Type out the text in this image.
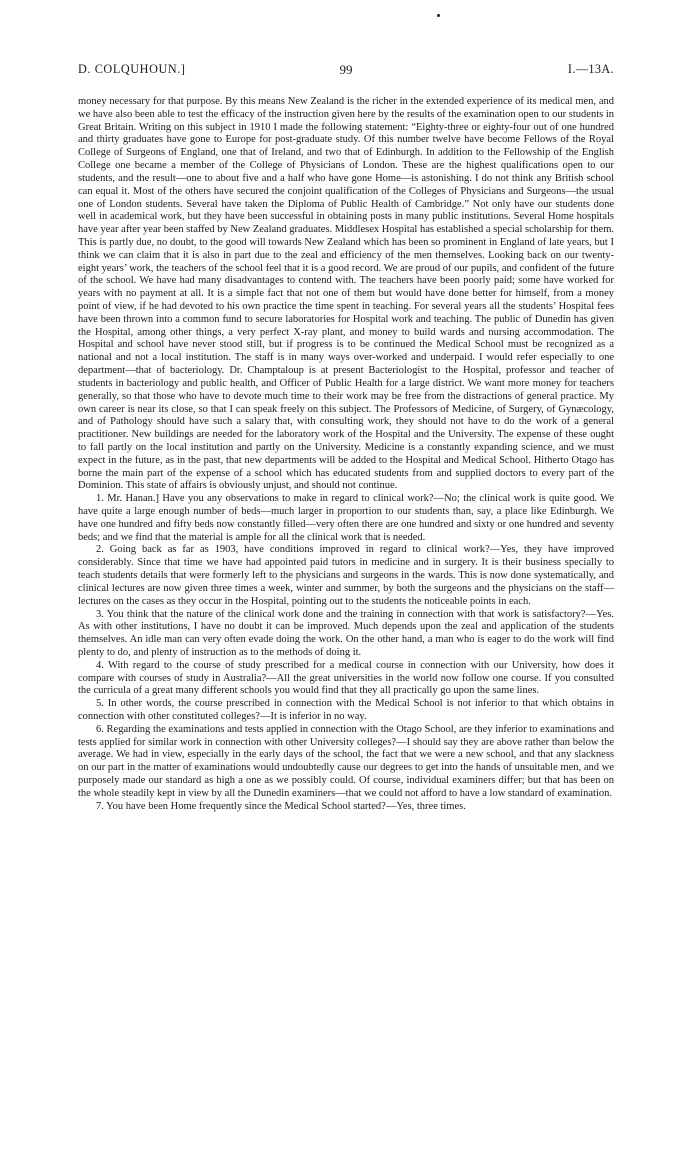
D. COLQUHOUN.]	99	I.—13A.

money necessary for that purpose. By this means New Zealand is the richer in the extended experience of its medical men, and we have also been able to test the efficacy of the instruction given here by the results of the examination open to our students in Great Britain. Writing on this subject in 1910 I made the following statement: “Eighty-three or eighty-four out of one hundred and thirty graduates have gone to Europe for post-graduate study. Of this number twelve have become Fellows of the Royal College of Surgeons of England, one that of Ireland, and two that of Edinburgh. In addition to the Fellowship of the English College one became a member of the College of Physicians of London. These are the highest qualifications open to our students, and the result—one to about five and a half who have gone Home—is astonishing. I do not think any British school can equal it. Most of the others have secured the conjoint qualification of the Colleges of Physicians and Surgeons—the usual one of London students. Several have taken the Diploma of Public Health of Cambridge.” Not only have our students done well in academical work, but they have been successful in obtaining posts in many public institutions. Several Home hospitals have year after year been staffed by New Zealand graduates. Middlesex Hospital has established a special scholarship for them. This is partly due, no doubt, to the good will towards New Zealand which has been so prominent in England of late years, but I think we can claim that it is also in part due to the zeal and efficiency of the men themselves. Looking back on our twenty-eight years’ work, the teachers of the school feel that it is a good record. We are proud of our pupils, and confident of the future of the school. We have had many disadvantages to contend with. The teachers have been poorly paid; some have worked for years with no payment at all. It is a simple fact that not one of them but would have done better for himself, from a money point of view, if he had devoted to his own practice the time spent in teaching. For several years all the students’ Hospital fees have been thrown into a common fund to secure laboratories for Hospital work and teaching. The public of Dunedin has given the Hospital, among other things, a very perfect X-ray plant, and money to build wards and nursing accommodation. The Hospital and school have never stood still, but if progress is to be continued the Medical School must be recognized as a national and not a local institution. The staff is in many ways over-worked and underpaid. I would refer especially to one department—that of bacteriology. Dr. Champtaloup is at present Bacteriologist to the Hospital, professor and teacher of students in bacteriology and public health, and Officer of Public Health for a large district. We want more money for teachers generally, so that those who have to devote much time to their work may be free from the distractions of general practice. My own career is near its close, so that I can speak freely on this subject. The Professors of Medicine, of Surgery, of Gynæcology, and of Pathology should have such a salary that, with consulting work, they should not have to do the work of a general practitioner. New buildings are needed for the laboratory work of the Hospital and the University. The expense of these ought to fall partly on the local institution and partly on the University. Medicine is a constantly expanding science, and we must expect in the future, as in the past, that new departments will be added to the Hospital and Medical School. Hitherto Otago has borne the main part of the expense of a school which has educated students from and supplied doctors to every part of the Dominion. This state of affairs is obviously unjust, and should not continue.

1. Mr. Hanan.] Have you any observations to make in regard to clinical work?—No; the clinical work is quite good. We have quite a large enough number of beds—much larger in proportion to our students than, say, a place like Edinburgh. We have one hundred and fifty beds now constantly filled—very often there are one hundred and sixty or one hundred and seventy beds; and we find that the material is ample for all the clinical work that is needed.

2. Going back as far as 1903, have conditions improved in regard to clinical work?—Yes, they have improved considerably. Since that time we have had appointed paid tutors in medicine and in surgery. It is their business specially to teach students details that were formerly left to the physicians and surgeons in the wards. This is now done systematically, and clinical lectures are now given three times a week, winter and summer, by both the surgeons and the physicians on the staff—lectures on the cases as they occur in the Hospital, pointing out to the students the noticeable points in each.

3. You think that the nature of the clinical work done and the training in connection with that work is satisfactory?—Yes. As with other institutions, I have no doubt it can be improved. Much depends upon the zeal and application of the students themselves. An idle man can very often evade doing the work. On the other hand, a man who is eager to do the work will find plenty to do, and plenty of instruction as to the methods of doing it.

4. With regard to the course of study prescribed for a medical course in connection with our University, how does it compare with courses of study in Australia?—All the great universities in the world now follow one course. If you consulted the curricula of a great many different schools you would find that they all practically go upon the same lines.

5. In other words, the course prescribed in connection with the Medical School is not inferior to that which obtains in connection with other constituted colleges?—It is inferior in no way.

6. Regarding the examinations and tests applied in connection with the Otago School, are they inferior to examinations and tests applied for similar work in connection with other University colleges?—I should say they are above rather than below the average. We had in view, especially in the early days of the school, the fact that we were a new school, and that any slackness on our part in the matter of examinations would undoubtedly cause our degrees to get into the hands of unsuitable men, and we purposely made our standard as high a one as we possibly could. Of course, individual examiners differ; but that has been on the whole steadily kept in view by all the Dunedin examiners—that we could not afford to have a low standard of examination.

7. You have been Home frequently since the Medical School started?—Yes, three times.
